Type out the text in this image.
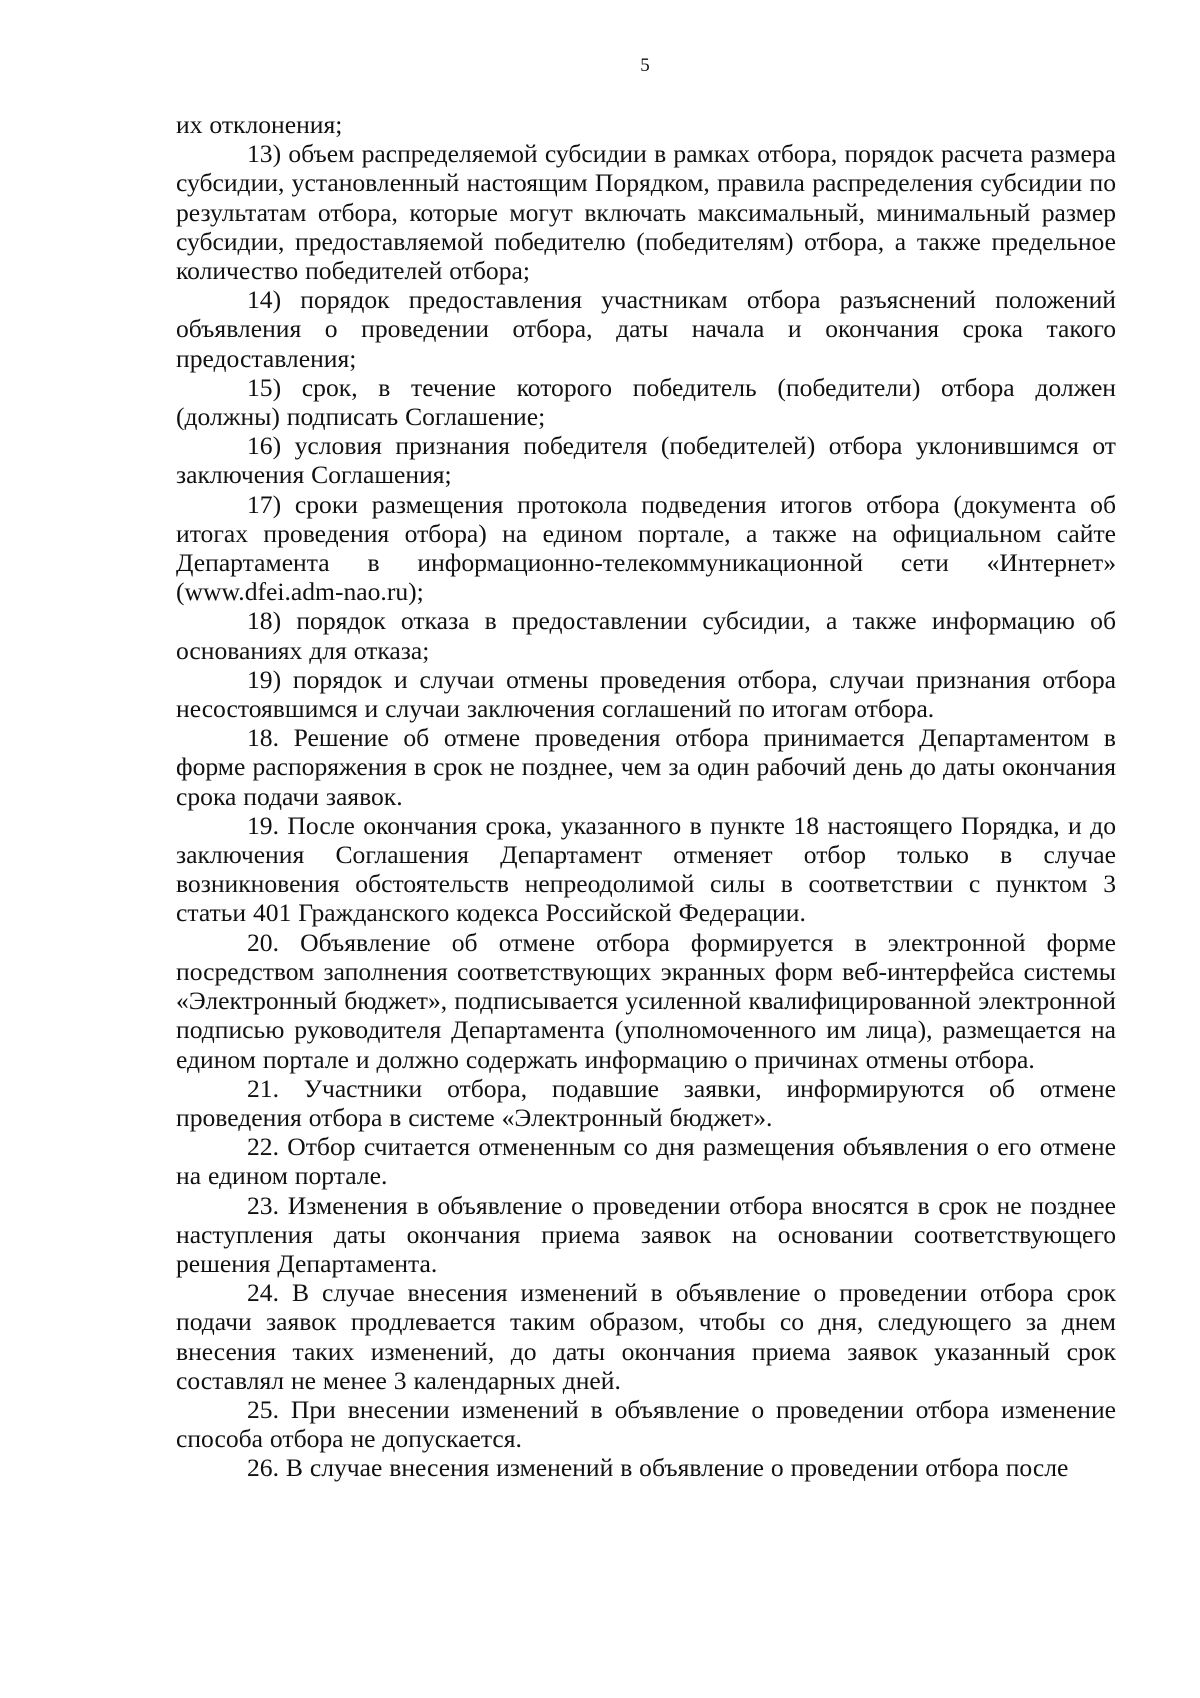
5

их отклонения;

13) объем распределяемой субсидии в рамках отбора, порядок расчета размера субсидии, установленный настоящим Порядком, правила распределения субсидии по результатам отбора, которые могут включать максимальный, минимальный размер субсидии, предоставляемой победителю (победителям) отбора, а также предельное количество победителей отбора;

14) порядок предоставления участникам отбора разъяснений положений объявления о проведении отбора, даты начала и окончания срока такого предоставления;

15) срок, в течение которого победитель (победители) отбора должен (должны) подписать Соглашение;

16) условия признания победителя (победителей) отбора уклонившимся от заключения Соглашения;

17) сроки размещения протокола подведения итогов отбора (документа об итогах проведения отбора) на едином портале, а также на официальном сайте Департамента в информационно-телекоммуникационной сети «Интернет» (www.dfei.adm-nao.ru);

18) порядок отказа в предоставлении субсидии, а также информацию об основаниях для отказа;

19) порядок и случаи отмены проведения отбора, случаи признания отбора несостоявшимся и случаи заключения соглашений по итогам отбора.

18. Решение об отмене проведения отбора принимается Департаментом в форме распоряжения в срок не позднее, чем за один рабочий день до даты окончания срока подачи заявок.

19. После окончания срока, указанного в пункте 18 настоящего Порядка, и до заключения Соглашения Департамент отменяет отбор только в случае возникновения обстоятельств непреодолимой силы в соответствии с пунктом 3 статьи 401 Гражданского кодекса Российской Федерации.

20. Объявление об отмене отбора формируется в электронной форме посредством заполнения соответствующих экранных форм веб-интерфейса системы «Электронный бюджет», подписывается усиленной квалифицированной электронной подписью руководителя Департамента (уполномоченного им лица), размещается на едином портале и должно содержать информацию о причинах отмены отбора.

21. Участники отбора, подавшие заявки, информируются об отмене проведения отбора в системе «Электронный бюджет».

22. Отбор считается отмененным со дня размещения объявления о его отмене на едином портале.

23. Изменения в объявление о проведении отбора вносятся в срок не позднее наступления даты окончания приема заявок на основании соответствующего решения Департамента.

24. В случае внесения изменений в объявление о проведении отбора срок подачи заявок продлевается таким образом, чтобы со дня, следующего за днем внесения таких изменений, до даты окончания приема заявок указанный срок составлял не менее 3 календарных дней.

25. При внесении изменений в объявление о проведении отбора изменение способа отбора не допускается.

26. В случае внесения изменений в объявление о проведении отбора после
